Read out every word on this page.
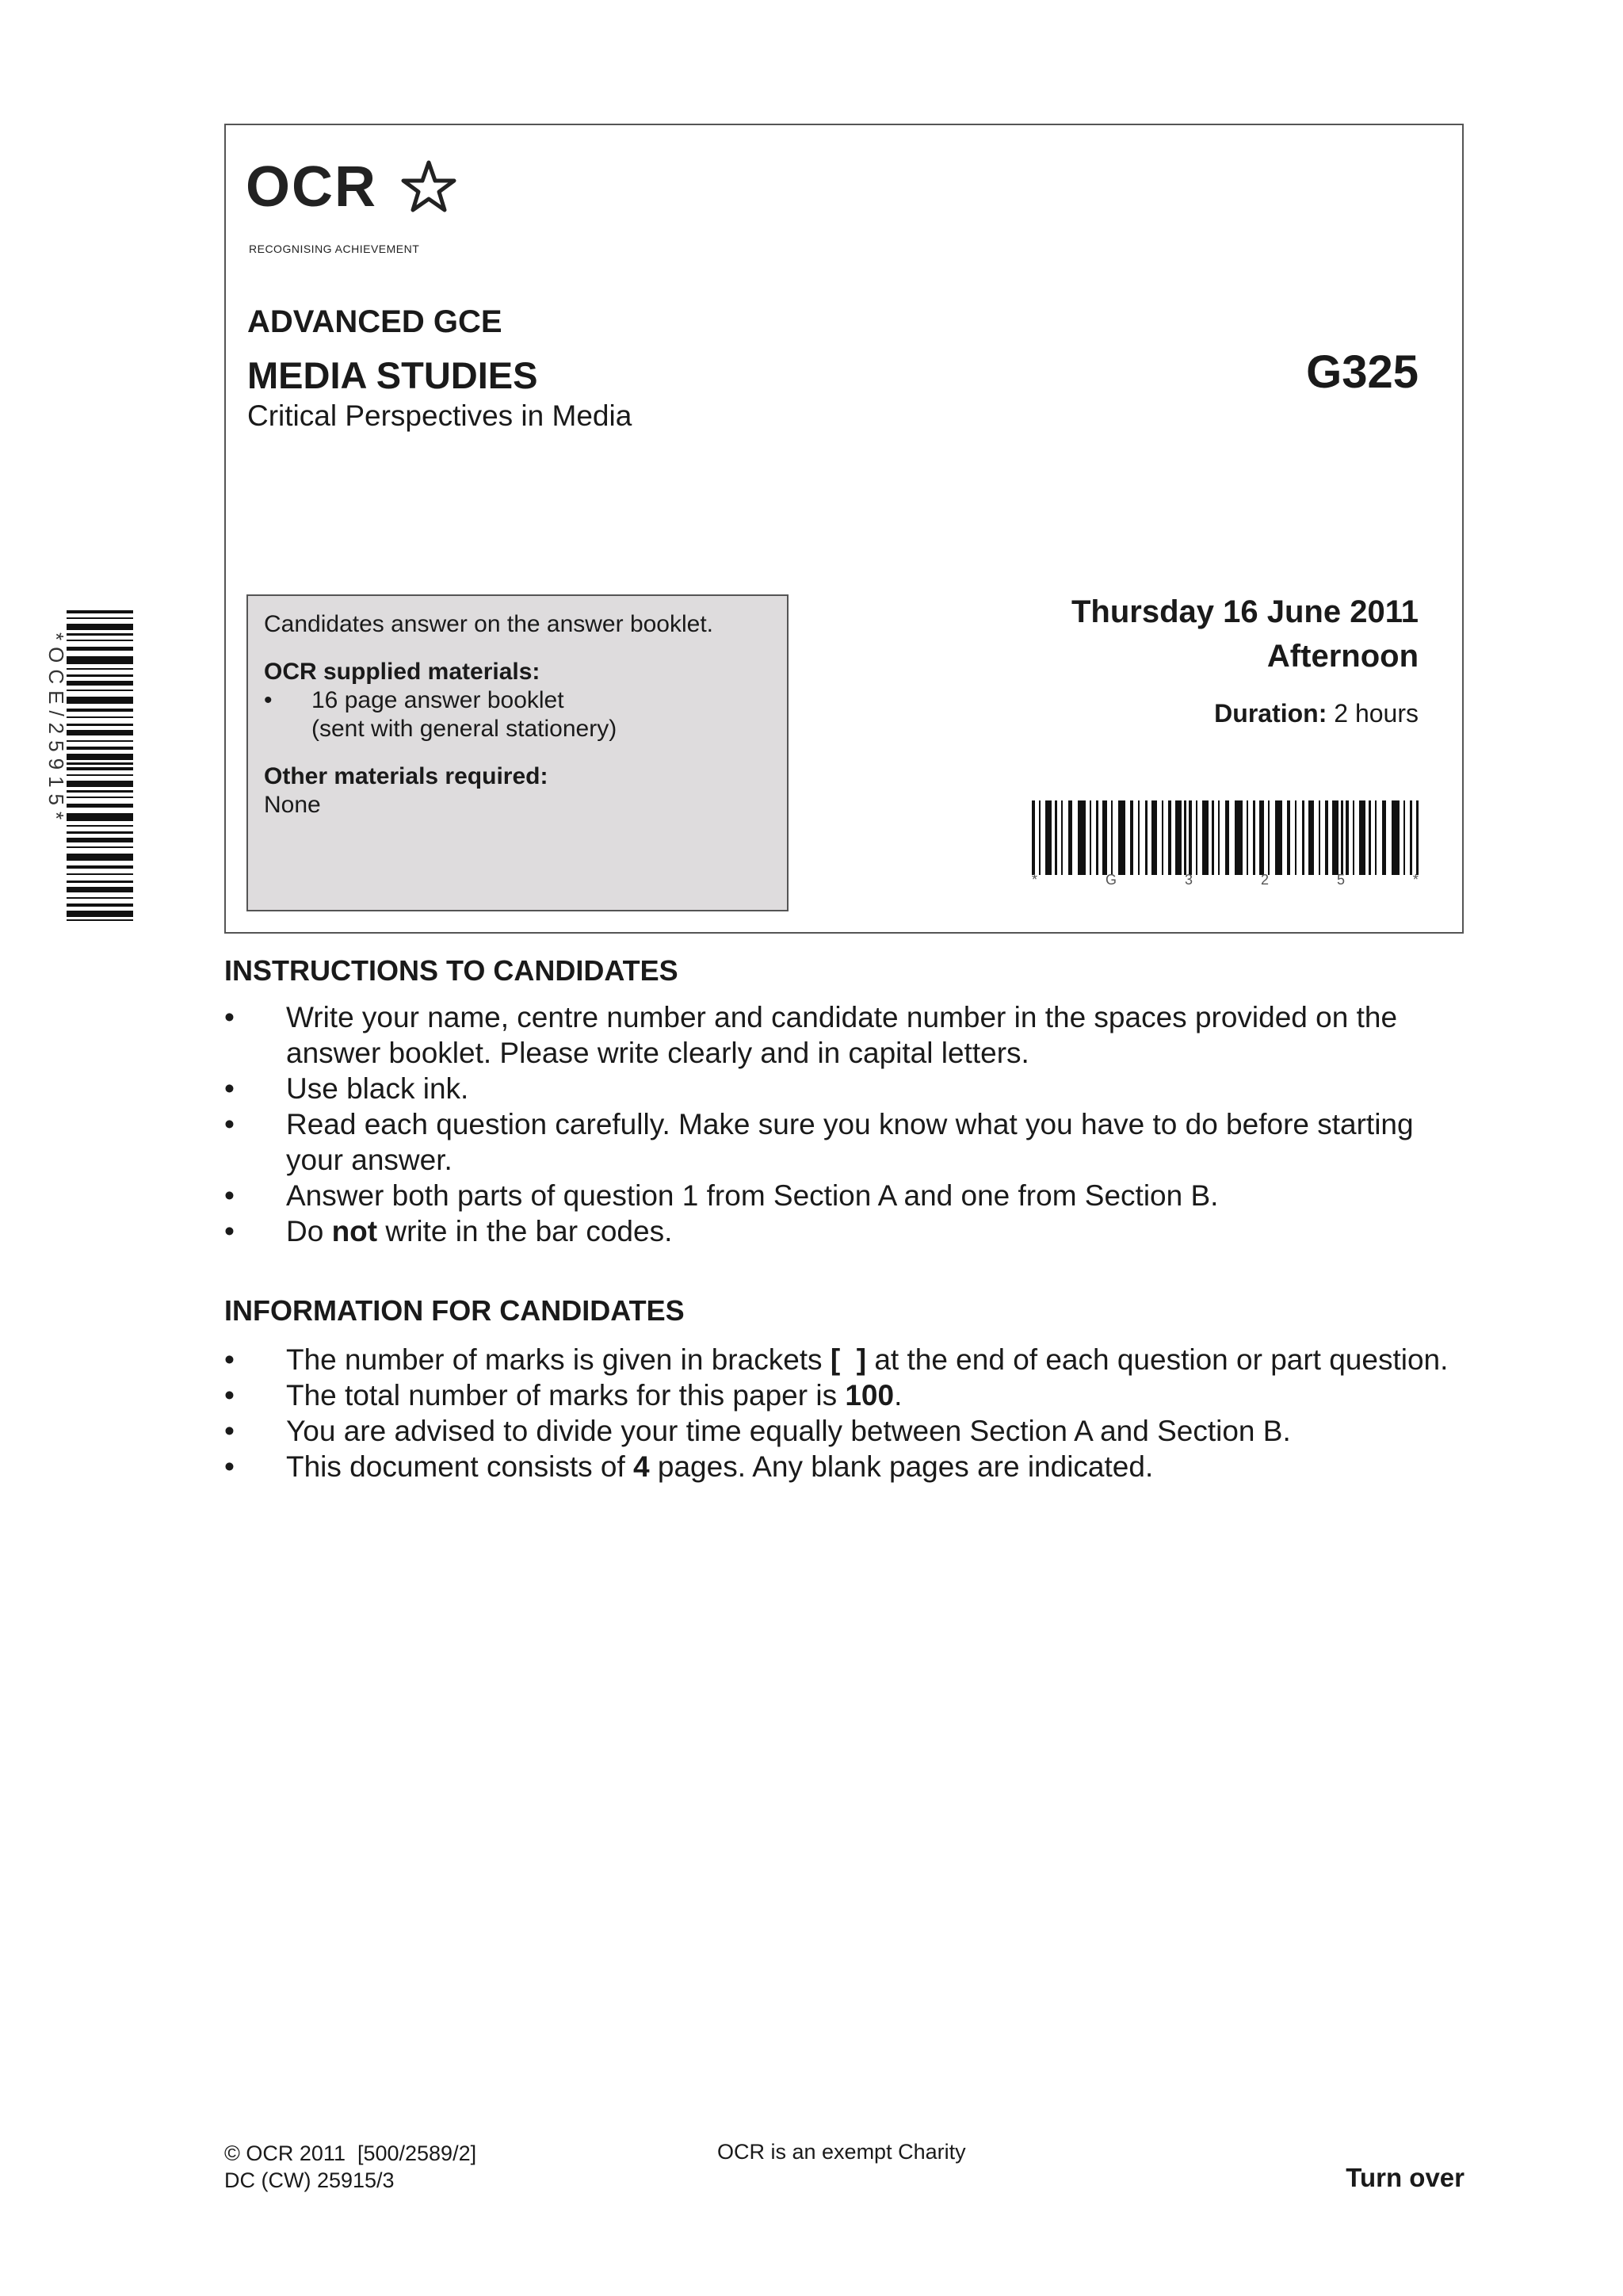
OCR
RECOGNISING ACHIEVEMENT
ADVANCED GCE
MEDIA STUDIES
Critical Perspectives in Media
G325
Candidates answer on the answer booklet.
OCR supplied materials:
•	16 page answer booklet
(sent with general stationery)
Other materials required:
None
Thursday 16 June 2011
Afternoon
Duration: 2 hours
*	G	3	2	5	*
*OCE/25915*
INSTRUCTIONS TO CANDIDATES
•	Write your name, centre number and candidate number in the spaces provided on the answer booklet. Please write clearly and in capital letters.
•	Use black ink.
•	Read each question carefully. Make sure you know what you have to do before starting your answer.
•	Answer both parts of question 1 from Section A and one from Section B.
•	Do not write in the bar codes.
INFORMATION FOR CANDIDATES
•	The number of marks is given in brackets [  ] at the end of each question or part question.
•	The total number of marks for this paper is 100.
•	You are advised to divide your time equally between Section A and Section B.
•	This document consists of 4 pages. Any blank pages are indicated.
© OCR 2011  [500/2589/2]
DC (CW) 25915/3
OCR is an exempt Charity
Turn over
